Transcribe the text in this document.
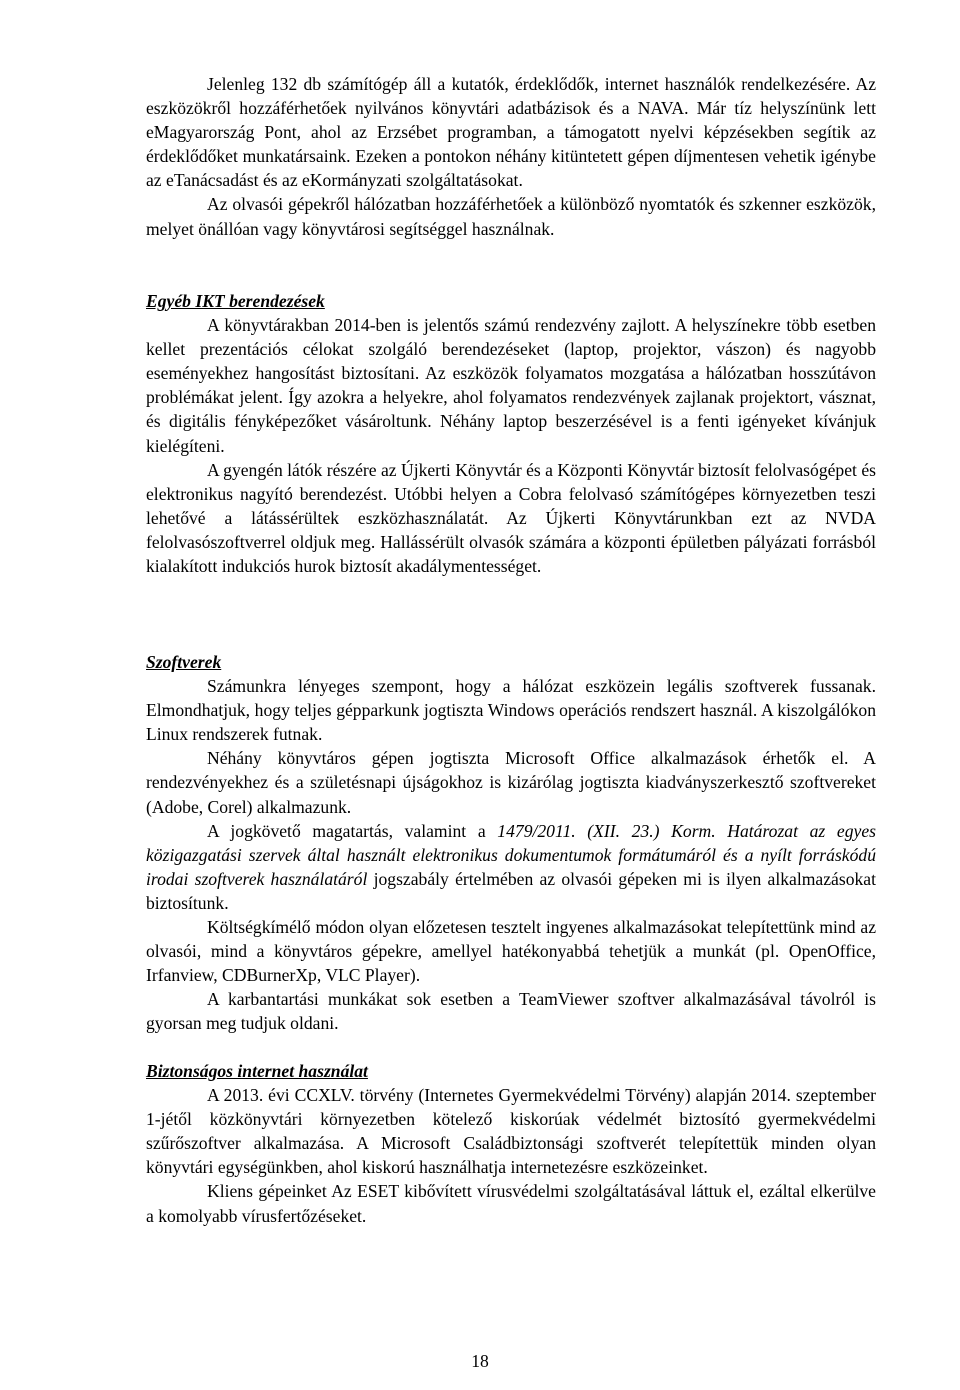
Jelenleg 132 db számítógép áll a kutatók, érdeklődők, internet használók rendelkezésére. Az eszközökről hozzáférhetőek nyilvános könyvtári adatbázisok és a NAVA. Már tíz helyszínünk lett eMagyarország Pont, ahol az Erzsébet programban, a támogatott nyelvi képzésekben segítik az érdeklődőket munkatársaink. Ezeken a pontokon néhány kitüntetett gépen díjmentesen vehetik igénybe az eTanácsadást és az eKormányzati szolgáltatásokat.

Az olvasói gépekről hálózatban hozzáférhetőek a különböző nyomtatók és szkenner eszközök, melyet önállóan vagy könyvtárosi segítséggel használnak.

Egyéb IKT berendezések

A könyvtárakban 2014-ben is jelentős számú rendezvény zajlott. A helyszínekre több esetben kellet prezentációs célokat szolgáló berendezéseket (laptop, projektor, vászon) és nagyobb eseményekhez hangosítást biztosítani. Az eszközök folyamatos mozgatása a hálózatban hosszútávon problémákat jelent. Így azokra a helyekre, ahol folyamatos rendezvények zajlanak projektort, vásznat, és digitális fényképezőket vásároltunk. Néhány laptop beszerzésével is a fenti igényeket kívánjuk kielégíteni.

A gyengén látók részére az Újkerti Könyvtár és a Központi Könyvtár biztosít felolvasógépet és elektronikus nagyító berendezést. Utóbbi helyen a Cobra felolvasó számítógépes környezetben teszi lehetővé a látássérültek eszközhasználatát. Az Újkerti Könyvtárunkban ezt az NVDA felolvasószoftverrel oldjuk meg. Hallássérült olvasók számára a központi épületben pályázati forrásból kialakított indukciós hurok biztosít akadálymentességet.

Szoftverek

Számunkra lényeges szempont, hogy a hálózat eszközein legális szoftverek fussanak. Elmondhatjuk, hogy teljes gépparkunk jogtiszta Windows operációs rendszert használ. A kiszolgálókon Linux rendszerek futnak.

Néhány könyvtáros gépen jogtiszta Microsoft Office alkalmazások érhetők el. A rendezvényekhez és a születésnapi újságokhoz is kizárólag jogtiszta kiadványszerkesztő szoftvereket (Adobe, Corel) alkalmazunk.

A jogkövető magatartás, valamint a 1479/2011. (XII. 23.) Korm. Határozat az egyes közigazgatási szervek által használt elektronikus dokumentumok formátumáról és a nyílt forráskódú irodai szoftverek használatáról jogszabály értelmében az olvasói gépeken mi is ilyen alkalmazásokat biztosítunk.

Költségkímélő módon olyan előzetesen tesztelt ingyenes alkalmazásokat telepítettünk mind az olvasói, mind a könyvtáros gépekre, amellyel hatékonyabbá tehetjük a munkát (pl. OpenOffice, Irfanview, CDBurnerXp, VLC Player).

A karbantartási munkákat sok esetben a TeamViewer szoftver alkalmazásával távolról is gyorsan meg tudjuk oldani.

Biztonságos internet használat

A 2013. évi CCXLV. törvény (Internetes Gyermekvédelmi Törvény) alapján 2014. szeptember 1-jétől közkönyvtári környezetben kötelező kiskorúak védelmét biztosító gyermekvédelmi szűrőszoftver alkalmazása. A Microsoft Családbiztonsági szoftverét telepítettük minden olyan könyvtári egységünkben, ahol kiskorú használhatja internetezésre eszközeinket.

Kliens gépeinket Az ESET kibővített vírusvédelmi szolgáltatásával láttuk el, ezáltal elkerülve a komolyabb vírusfertőzéseket.

18
